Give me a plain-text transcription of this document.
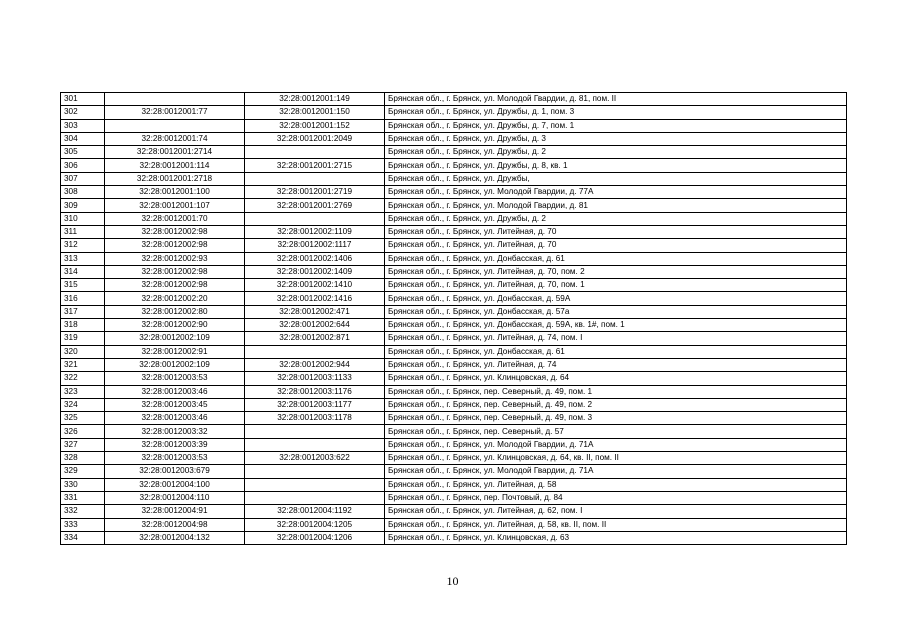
301		32:28:0012001:149	Брянская обл., г. Брянск, ул. Молодой Гвардии, д. 81, пом. II
302	32:28:0012001:77	32:28:0012001:150	Брянская обл., г. Брянск, ул. Дружбы, д. 1, пом. 3
303		32:28:0012001:152	Брянская обл., г. Брянск, ул. Дружбы, д. 7, пом. 1
304	32:28:0012001:74	32:28:0012001:2049	Брянская обл., г. Брянск, ул. Дружбы, д. 3
305	32:28:0012001:2714		Брянская обл., г. Брянск, ул. Дружбы, д. 2
306	32:28:0012001:114	32:28:0012001:2715	Брянская обл., г. Брянск, ул. Дружбы, д. 8, кв. 1
307	32:28:0012001:2718		Брянская обл., г. Брянск, ул. Дружбы,
308	32:28:0012001:100	32:28:0012001:2719	Брянская обл., г. Брянск, ул. Молодой Гвардии, д. 77А
309	32:28:0012001:107	32:28:0012001:2769	Брянская обл., г. Брянск, ул. Молодой Гвардии, д. 81
310	32:28:0012001:70		Брянская обл., г. Брянск, ул. Дружбы, д. 2
311	32:28:0012002:98	32:28:0012002:1109	Брянская обл., г. Брянск, ул. Литейная, д. 70
312	32:28:0012002:98	32:28:0012002:1117	Брянская обл., г. Брянск, ул. Литейная, д. 70
313	32:28:0012002:93	32:28:0012002:1406	Брянская обл., г. Брянск, ул. Донбасская, д. 61
314	32:28:0012002:98	32:28:0012002:1409	Брянская обл., г. Брянск, ул. Литейная, д. 70, пом. 2
315	32:28:0012002:98	32:28:0012002:1410	Брянская обл., г. Брянск, ул. Литейная, д. 70, пом. 1
316	32:28:0012002:20	32:28:0012002:1416	Брянская обл., г. Брянск, ул. Донбасская, д. 59А
317	32:28:0012002:80	32:28:0012002:471	Брянская обл., г. Брянск, ул. Донбасская, д. 57а
318	32:28:0012002:90	32:28:0012002:644	Брянская обл., г. Брянск, ул. Донбасская, д. 59А, кв. 1#, пом. 1
319	32:28:0012002:109	32:28:0012002:871	Брянская обл., г. Брянск, ул. Литейная, д. 74, пом. I
320	32:28:0012002:91		Брянская обл., г. Брянск, ул. Донбасская, д. 61
321	32:28:0012002:109	32:28:0012002:944	Брянская обл., г. Брянск, ул. Литейная, д. 74
322	32:28:0012003:53	32:28:0012003:1133	Брянская обл., г. Брянск, ул. Клинцовская, д. 64
323	32:28:0012003:46	32:28:0012003:1176	Брянская обл., г. Брянск, пер. Северный, д. 49, пом. 1
324	32:28:0012003:45	32:28:0012003:1177	Брянская обл., г. Брянск, пер. Северный, д. 49, пом. 2
325	32:28:0012003:46	32:28:0012003:1178	Брянская обл., г. Брянск, пер. Северный, д. 49, пом. 3
326	32:28:0012003:32		Брянская обл., г. Брянск, пер. Северный, д. 57
327	32:28:0012003:39		Брянская обл., г. Брянск, ул. Молодой Гвардии, д. 71А
328	32:28:0012003:53	32:28:0012003:622	Брянская обл., г. Брянск, ул. Клинцовская, д. 64, кв. II, пом. II
329	32:28:0012003:679		Брянская обл., г. Брянск, ул. Молодой Гвардии, д. 71А
330	32:28:0012004:100		Брянская обл., г. Брянск, ул. Литейная, д. 58
331	32:28:0012004:110		Брянская обл., г. Брянск, пер. Почтовый, д. 84
332	32:28:0012004:91	32:28:0012004:1192	Брянская обл., г. Брянск, ул. Литейная, д. 62, пом. I
333	32:28:0012004:98	32:28:0012004:1205	Брянская обл., г. Брянск, ул. Литейная, д. 58, кв. II, пом. II
334	32:28:0012004:132	32:28:0012004:1206	Брянская обл., г. Брянск, ул. Клинцовская, д. 63
10
